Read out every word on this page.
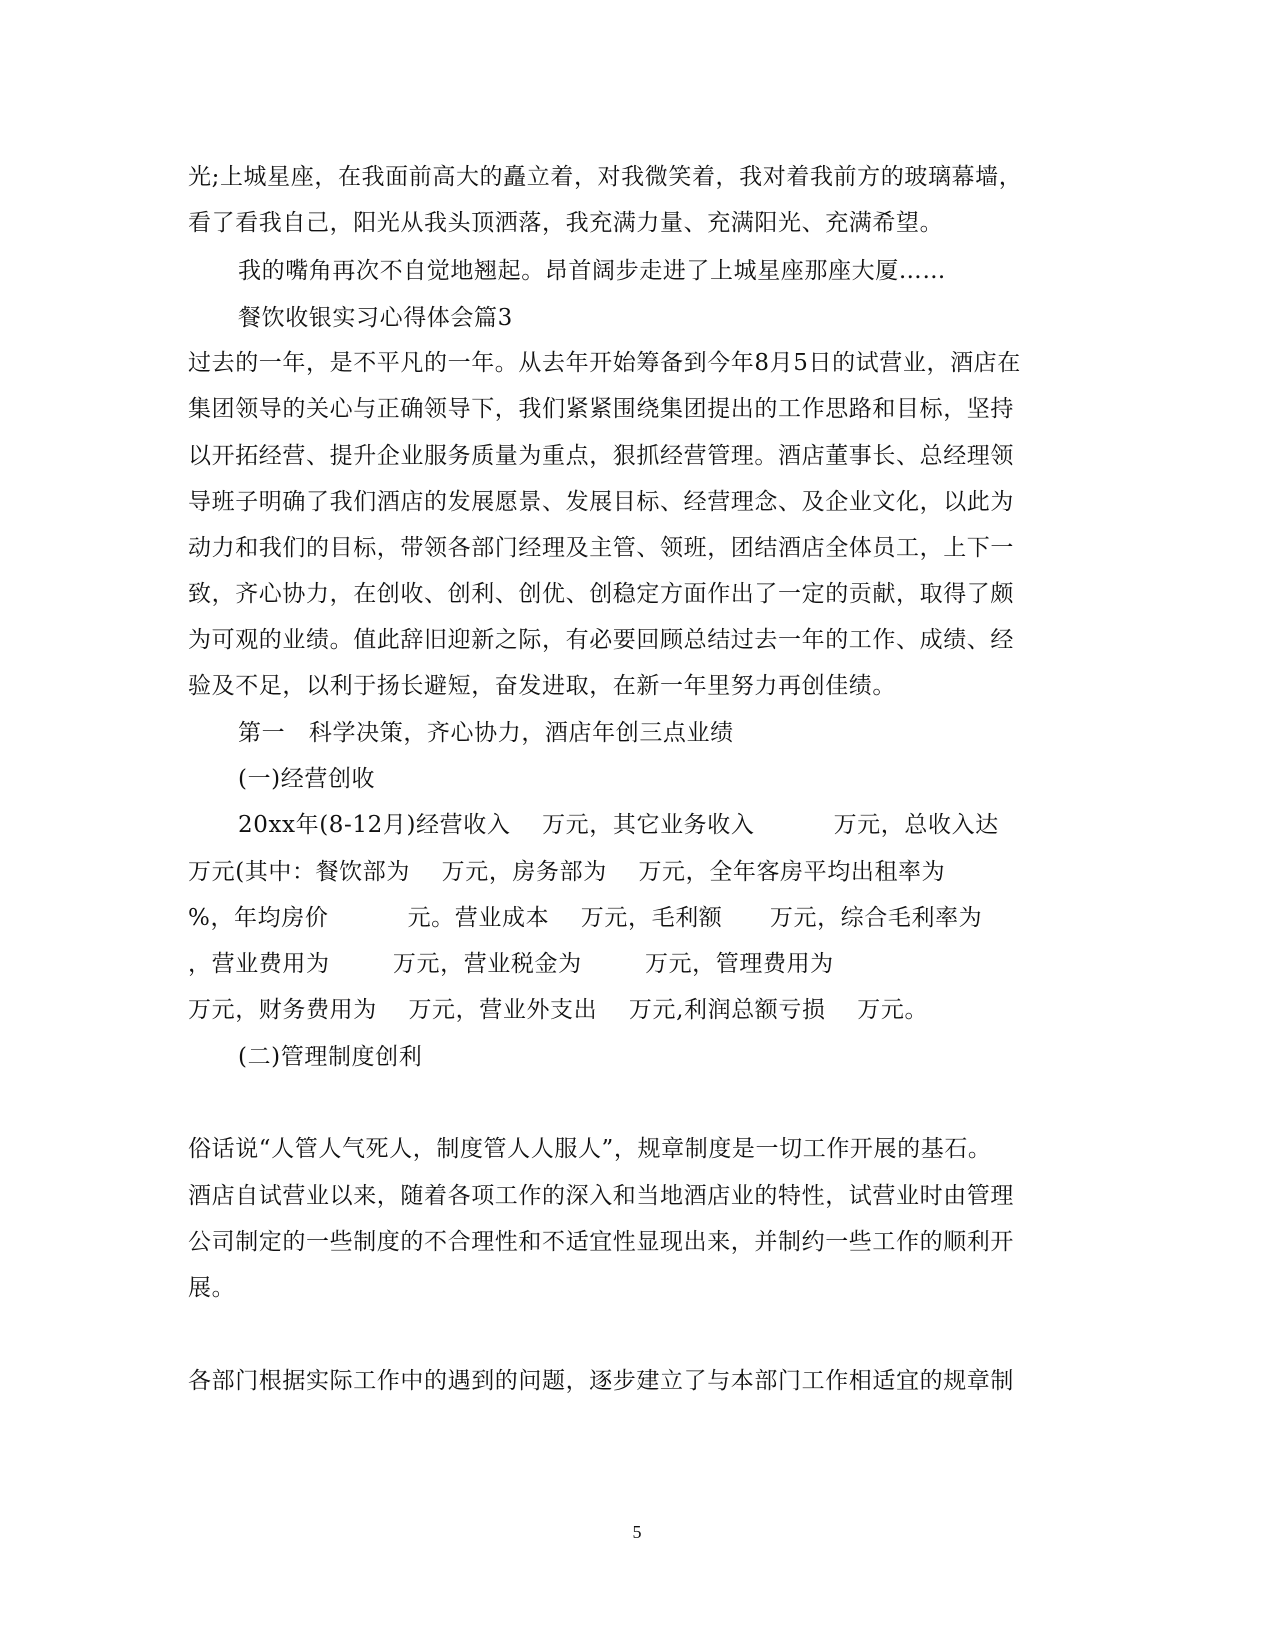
光;上城星座，在我面前高大的矗立着，对我微笑着，我对着我前方的玻璃幕墙，
看了看我自己，阳光从我头顶洒落，我充满力量、充满阳光、充满希望。
我的嘴角再次不自觉地翘起。昂首阔步走进了上城星座那座大厦……
餐饮收银实习心得体会篇3
过去的一年，是不平凡的一年。从去年开始筹备到今年8月5日的试营业，酒店在
集团领导的关心与正确领导下，我们紧紧围绕集团提出的工作思路和目标，坚持
以开拓经营、提升企业服务质量为重点，狠抓经营管理。酒店董事长、总经理领
导班子明确了我们酒店的发展愿景、发展目标、经营理念、及企业文化，以此为
动力和我们的目标，带领各部门经理及主管、领班，团结酒店全体员工，上下一
致，齐心协力，在创收、创利、创优、创稳定方面作出了一定的贡献，取得了颇
为可观的业绩。值此辞旧迎新之际，有必要回顾总结过去一年的工作、成绩、经
验及不足，以利于扬长避短，奋发进取，在新一年里努力再创佳绩。
第一   科学决策，齐心协力，酒店年创三点业绩
(一)经营创收
20xx年(8-12月)经营收入    万元，其它业务收入          万元，总收入达
万元(其中：餐饮部为    万元，房务部为    万元，全年客房平均出租率为
%，年均房价          元。营业成本    万元，毛利额      万元，综合毛利率为
，营业费用为        万元，营业税金为        万元，管理费用为
万元，财务费用为    万元，营业外支出    万元,利润总额亏损    万元。
(二)管理制度创利
俗话说“人管人气死人，制度管人人服人”，规章制度是一切工作开展的基石。
酒店自试营业以来，随着各项工作的深入和当地酒店业的特性，试营业时由管理
公司制定的一些制度的不合理性和不适宜性显现出来，并制约一些工作的顺利开
展。
各部门根据实际工作中的遇到的问题，逐步建立了与本部门工作相适宜的规章制
5
